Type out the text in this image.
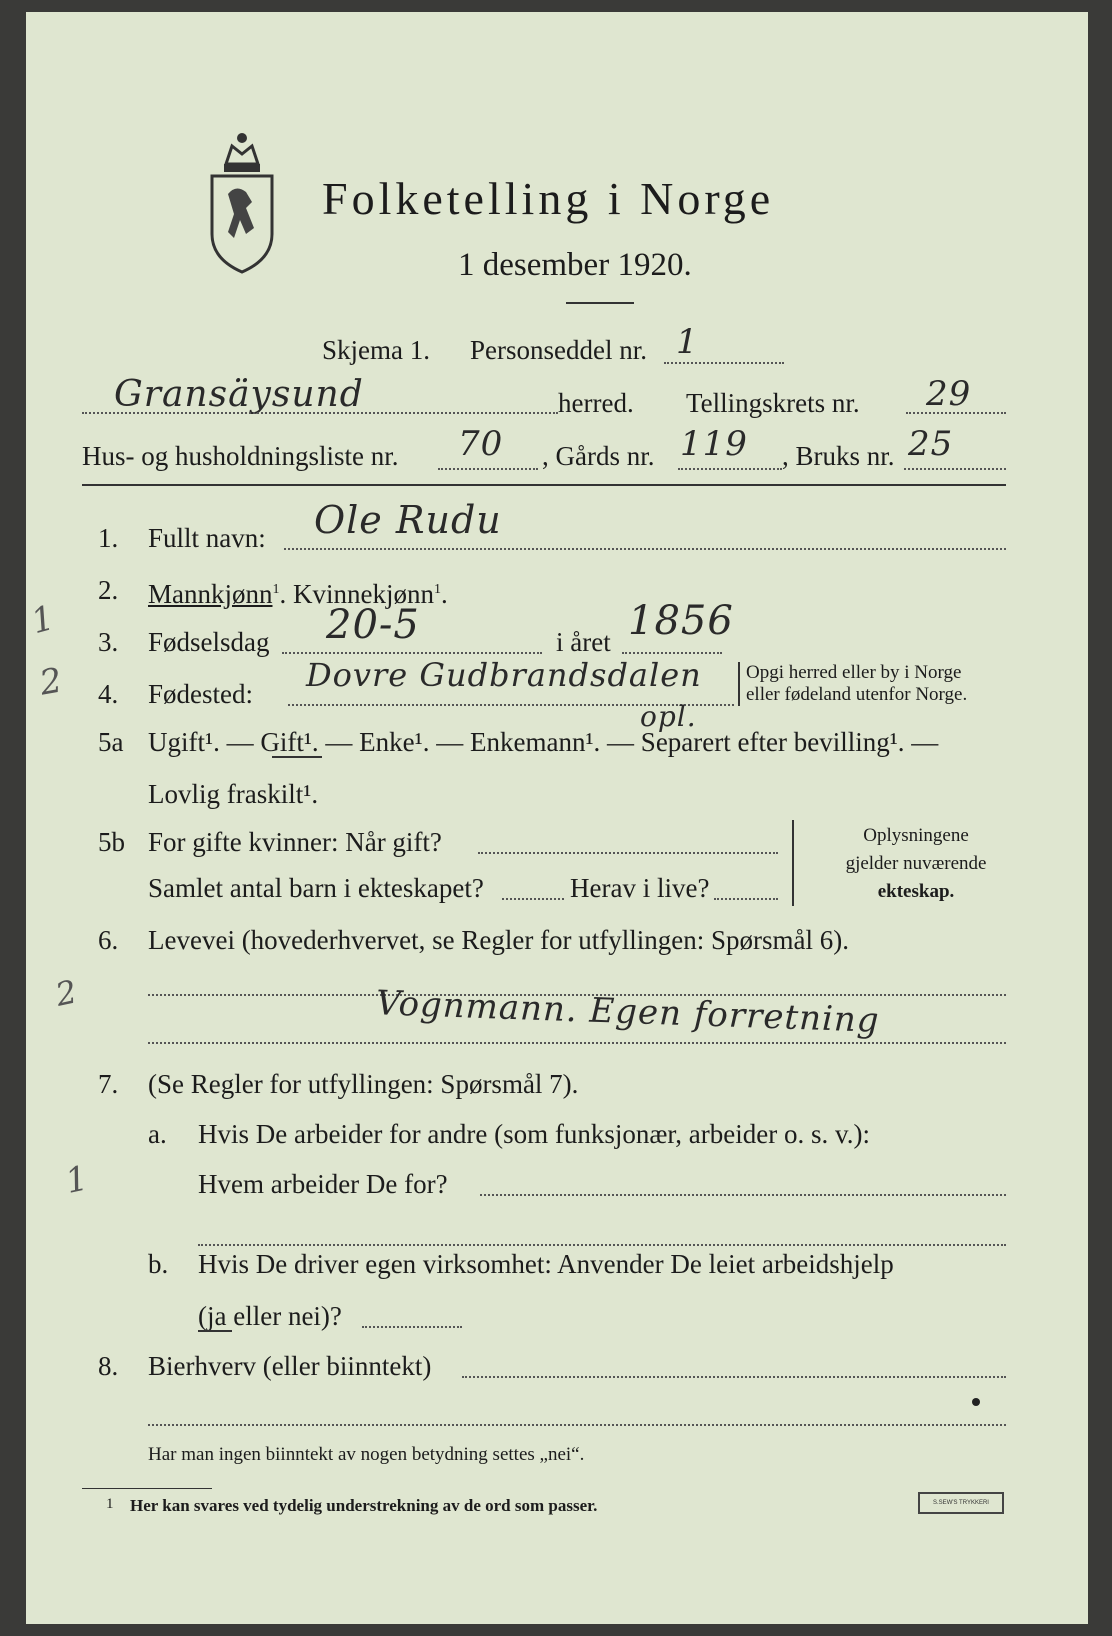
Folketelling i Norge
1 desember 1920.
Skjema 1. Personseddel nr. 1
Gransäysund	herred. Tellingskrets nr. 29
Hus- og husholdningsliste nr. 70 , Gårds nr. 119 , Bruks nr. 25
1. Fullt navn: Ole Rudu
2. Mannkjønn$^1$. Kvinnekjønn$^1$.
3. Fødselsdag 20-5	i året 1856
4. Fødested: Dovre Gudbrandsdalen
opl.
Opgi herred eller by i Norge
eller fødeland utenfor Norge.
5a Ugift¹. — Gift¹. — Enke¹. — Enkemann¹. — Separert efter bevilling¹. —
Lovlig fraskilt¹.
5b For gifte kvinner: Når gift?
Samlet antal barn i ekteskapet?	Herav i live?
Oplysningene
gjelder nuværende
ekteskap.
6. Levevei (hovederhvervet, se Regler for utfyllingen: Spørsmål 6).
Vognmann. Egen forretning
7. (Se Regler for utfyllingen: Spørsmål 7).
a. Hvis De arbeider for andre (som funksjonær, arbeider o. s. v.):
Hvem arbeider De for?
b. Hvis De driver egen virksomhet: Anvender De leiet arbeidshjelp
(ja eller nei)?
8. Bierhverv (eller biinntekt)
Har man ingen biinntekt av nogen betydning settes „nei“.
1 Her kan svares ved tydelig understrekning av de ord som passer.	S.SEW'S TRYKKERI
1
2
2
1
